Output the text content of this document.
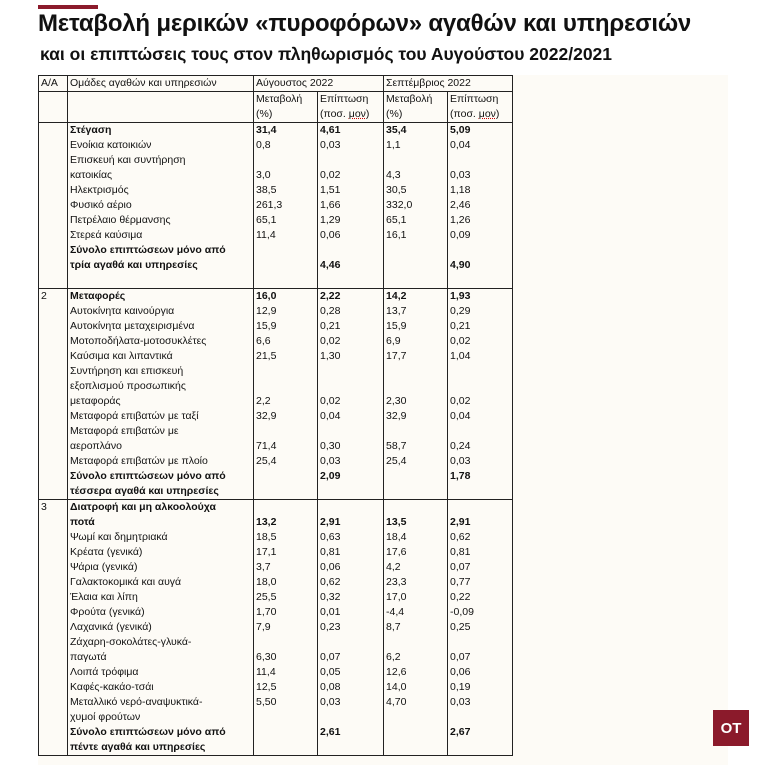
Μεταβολή μερικών «πυροφόρων» αγαθών και υπηρεσιών
και οι επιπτώσεις τους στον πληθωρισμός του Αυγούστου 2022/2021
Α/Α	Ομάδες αγαθών και υπηρεσιών	Αύγουστος 2022		Σεπτέμβριος 2022	
		Μεταβολή	Επίπτωση	Μεταβολή	Επίπτωση
		(%)	(ποσ. μον)	(%)	(ποσ. μον)
	Στέγαση	31,4	4,61	35,4	5,09
	Ενοίκια κατοικιών	0,8	0,03	1,1	0,04
	Επισκευή και συντήρηση				
	κατοικίας	3,0	0,02	4,3	0,03
	Ηλεκτρισμός	38,5	1,51	30,5	1,18
	Φυσικό αέριο	261,3	1,66	332,0	2,46
	Πετρέλαιο θέρμανσης	65,1	1,29	65,1	1,26
	Στερεά καύσιμα	11,4	0,06	16,1	0,09
	Σύνολο επιπτώσεων μόνο από				
	τρία αγαθά και υπηρεσίες		4,46		4,90

2	Μεταφορές	16,0	2,22	14,2	1,93
	Αυτοκίνητα καινούργια	12,9	0,28	13,7	0,29
	Αυτοκίνητα μεταχειρισμένα	15,9	0,21	15,9	0,21
	Μοτοποδήλατα-μοτοσυκλέτες	6,6	0,02	6,9	0,02
	Καύσιμα και λιπαντικά	21,5	1,30	17,7	1,04
	Συντήρηση και επισκευή				
	εξοπλισμού προσωπικής				
	μεταφοράς	2,2	0,02	2,30	0,02
	Μεταφορά επιβατών με ταξί	32,9	0,04	32,9	0,04
	Μεταφορά επιβατών με				
	αεροπλάνο	71,4	0,30	58,7	0,24
	Μεταφορά επιβατών με πλοίο	25,4	0,03	25,4	0,03
	Σύνολο επιπτώσεων μόνο από		2,09		1,78
	τέσσερα αγαθά και υπηρεσίες				
3	Διατροφή και μη αλκοολούχα				
	ποτά	13,2	2,91	13,5	2,91
	Ψωμί και δημητριακά	18,5	0,63	18,4	0,62
	Κρέατα (γενικά)	17,1	0,81	17,6	0,81
	Ψάρια (γενικά)	3,7	0,06	4,2	0,07
	Γαλακτοκομικά και αυγά	18,0	0,62	23,3	0,77
	Έλαια και λίπη	25,5	0,32	17,0	0,22
	Φρούτα (γενικά)	1,70	0,01	-4,4	-0,09
	Λαχανικά (γενικά)	7,9	0,23	8,7	0,25
	Ζάχαρη-σοκολάτες-γλυκά-				
	παγωτά	6,30	0,07	6,2	0,07
	Λοιπά τρόφιμα	11,4	0,05	12,6	0,06
	Καφές-κακάο-τσάι	12,5	0,08	14,0	0,19
	Μεταλλικό νερό-αναψυκτικά-	5,50	0,03	4,70	0,03
	χυμοί φρούτων				
	Σύνολο επιπτώσεων μόνο από		2,61		2,67
	πέντε αγαθά και υπηρεσίες				
OT
